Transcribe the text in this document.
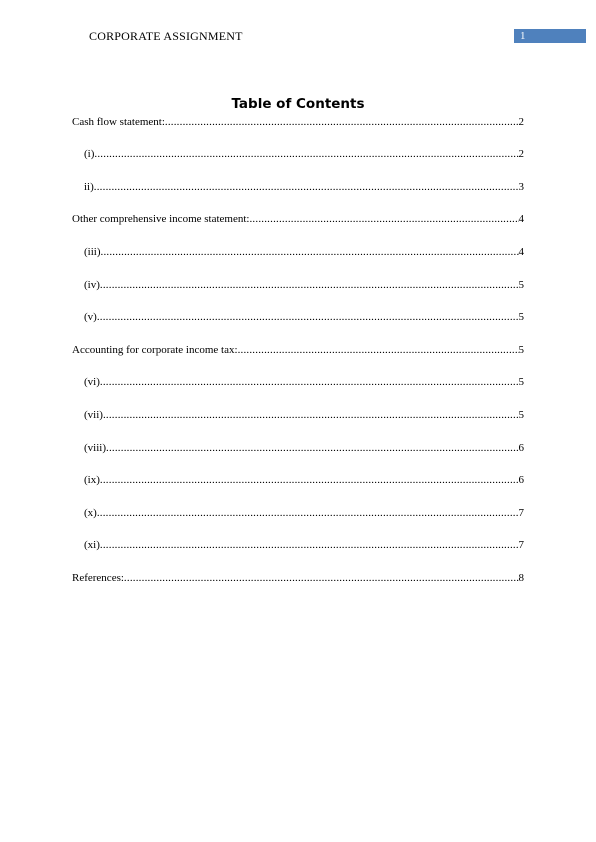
CORPORATE ASSIGNMENT	1
Table of Contents
Cash flow statement: .....	2
(i) .....	2
ii) .....	3
Other comprehensive income statement: .....	4
(iii) .....	4
(iv) .....	5
(v) .....	5
Accounting for corporate income tax: .....	5
(vi) .....	5
(vii) .....	5
(viii) .....	6
(ix) .....	6
(x) .....	7
(xi) .....	7
References: .....	8
